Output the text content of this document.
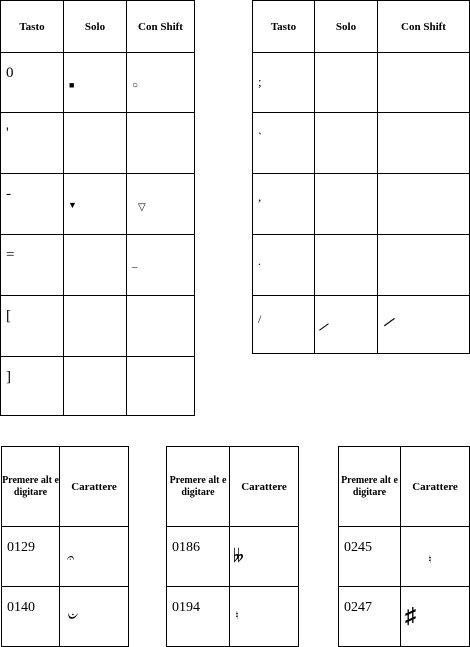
Tasto	Solo	Con Shift

0	■	○

'		

-	▼	▽

=		–

[		

]		

Tasto	Solo	Con Shift

;		

`		

,		

.		

/	/	/
Premere alt e digitare	Carattere

0129	𝄐

0140	𝄑
Premere alt e digitare	Carattere

0186	𝄫

0194	♮
Premere alt e digitare	Carattere

0245	♮

0247	♯
